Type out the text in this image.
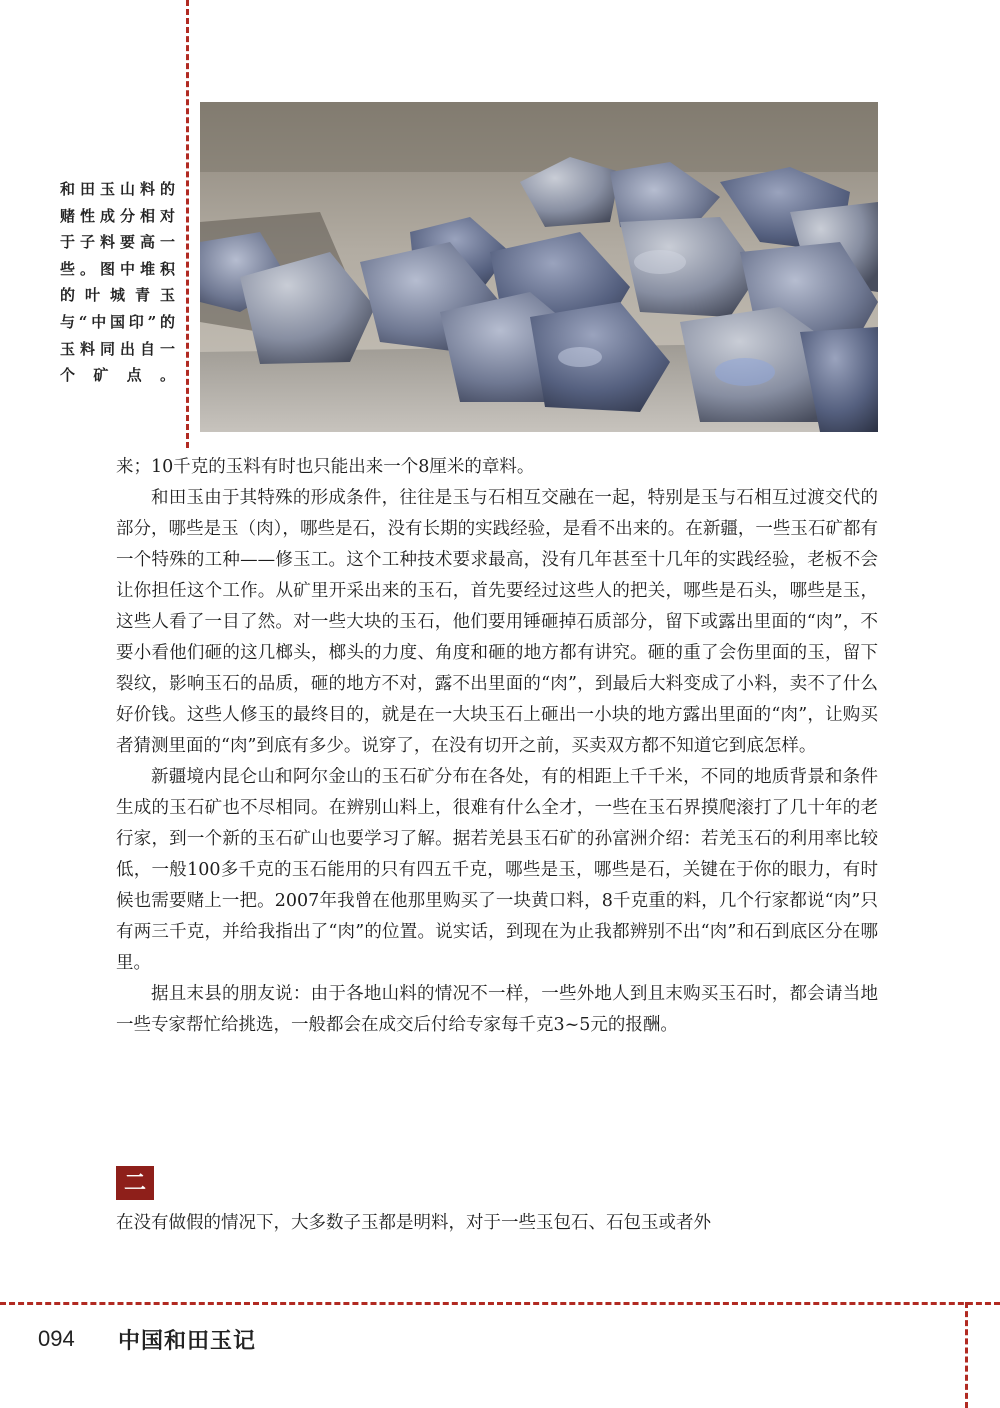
和田玉山料的赌性成分相对于子料要高一些。图中堆积的叶城青玉与“中国印”的玉料同出自一个矿点。

来；10千克的玉料有时也只能出来一个8厘米的章料。

和田玉由于其特殊的形成条件，往往是玉与石相互交融在一起，特别是玉与石相互过渡交代的部分，哪些是玉（肉），哪些是石，没有长期的实践经验，是看不出来的。在新疆，一些玉石矿都有一个特殊的工种——修玉工。这个工种技术要求最高，没有几年甚至十几年的实践经验，老板不会让你担任这个工作。从矿里开采出来的玉石，首先要经过这些人的把关，哪些是石头，哪些是玉，这些人看了一目了然。对一些大块的玉石，他们要用锤砸掉石质部分，留下或露出里面的“肉”，不要小看他们砸的这几榔头，榔头的力度、角度和砸的地方都有讲究。砸的重了会伤里面的玉，留下裂纹，影响玉石的品质，砸的地方不对，露不出里面的“肉”，到最后大料变成了小料，卖不了什么好价钱。这些人修玉的最终目的，就是在一大块玉石上砸出一小块的地方露出里面的“肉”，让购买者猜测里面的“肉”到底有多少。说穿了，在没有切开之前，买卖双方都不知道它到底怎样。

新疆境内昆仑山和阿尔金山的玉石矿分布在各处，有的相距上千千米，不同的地质背景和条件生成的玉石矿也不尽相同。在辨别山料上，很难有什么全才，一些在玉石界摸爬滚打了几十年的老行家，到一个新的玉石矿山也要学习了解。据若羌县玉石矿的孙富洲介绍：若羌玉石的利用率比较低，一般100多千克的玉石能用的只有四五千克，哪些是玉，哪些是石，关键在于你的眼力，有时候也需要赌上一把。2007年我曾在他那里购买了一块黄口料，8千克重的料，几个行家都说“肉”只有两三千克，并给我指出了“肉”的位置。说实话，到现在为止我都辨别不出“肉”和石到底区分在哪里。

据且末县的朋友说：由于各地山料的情况不一样，一些外地人到且末购买玉石时，都会请当地一些专家帮忙给挑选，一般都会在成交后付给专家每千克3~5元的报酬。

二
在没有做假的情况下，大多数子玉都是明料，对于一些玉包石、石包玉或者外
094 中国和田玉记
